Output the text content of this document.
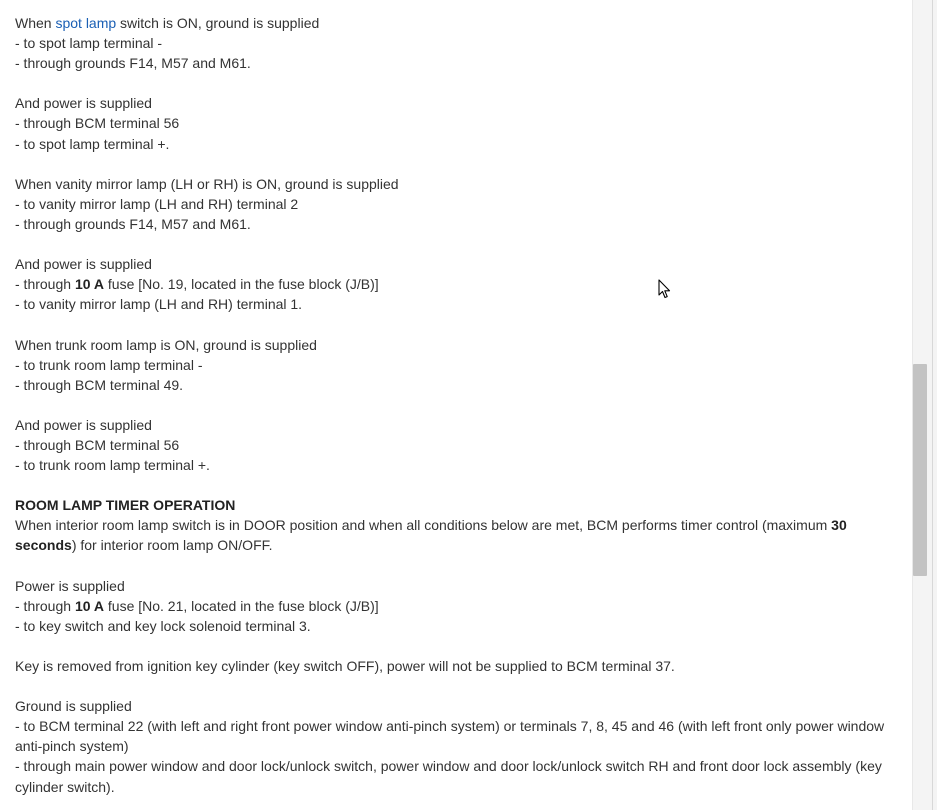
When spot lamp switch is ON, ground is supplied
- to spot lamp terminal -
- through grounds F14, M57 and M61.
And power is supplied
- through BCM terminal 56
- to spot lamp terminal +.
When vanity mirror lamp (LH or RH) is ON, ground is supplied
- to vanity mirror lamp (LH and RH) terminal 2
- through grounds F14, M57 and M61.
And power is supplied
- through 10 A fuse [No. 19, located in the fuse block (J/B)]
- to vanity mirror lamp (LH and RH) terminal 1.
When trunk room lamp is ON, ground is supplied
- to trunk room lamp terminal -
- through BCM terminal 49.
And power is supplied
- through BCM terminal 56
- to trunk room lamp terminal +.
ROOM LAMP TIMER OPERATION
When interior room lamp switch is in DOOR position and when all conditions below are met, BCM performs timer control (maximum 30 seconds) for interior room lamp ON/OFF.
Power is supplied
- through 10 A fuse [No. 21, located in the fuse block (J/B)]
- to key switch and key lock solenoid terminal 3.
Key is removed from ignition key cylinder (key switch OFF), power will not be supplied to BCM terminal 37.
Ground is supplied
- to BCM terminal 22 (with left and right front power window anti-pinch system) or terminals 7, 8, 45 and 46 (with left front only power window anti-pinch system)
- through main power window and door lock/unlock switch, power window and door lock/unlock switch RH and front door lock assembly (key cylinder switch).
